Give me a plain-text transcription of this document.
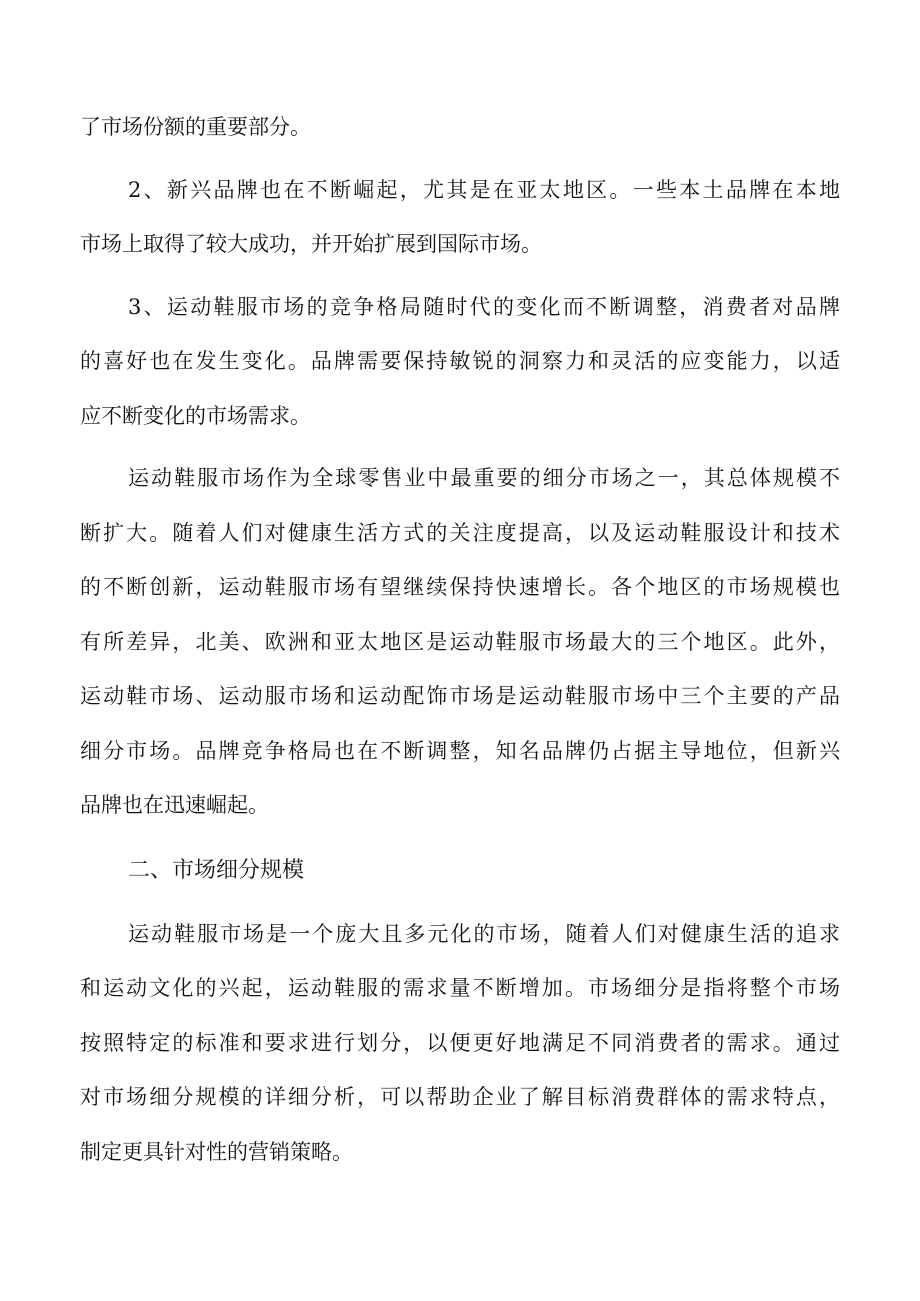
了市场份额的重要部分。
2、新兴品牌也在不断崛起，尤其是在亚太地区。一些本土品牌在本地
市场上取得了较大成功，并开始扩展到国际市场。
3、运动鞋服市场的竞争格局随时代的变化而不断调整，消费者对品牌
的喜好也在发生变化。品牌需要保持敏锐的洞察力和灵活的应变能力，以适
应不断变化的市场需求。
运动鞋服市场作为全球零售业中最重要的细分市场之一，其总体规模不
断扩大。随着人们对健康生活方式的关注度提高，以及运动鞋服设计和技术
的不断创新，运动鞋服市场有望继续保持快速增长。各个地区的市场规模也
有所差异，北美、欧洲和亚太地区是运动鞋服市场最大的三个地区。此外，
运动鞋市场、运动服市场和运动配饰市场是运动鞋服市场中三个主要的产品
细分市场。品牌竞争格局也在不断调整，知名品牌仍占据主导地位，但新兴
品牌也在迅速崛起。
二、市场细分规模
运动鞋服市场是一个庞大且多元化的市场，随着人们对健康生活的追求
和运动文化的兴起，运动鞋服的需求量不断增加。市场细分是指将整个市场
按照特定的标准和要求进行划分，以便更好地满足不同消费者的需求。通过
对市场细分规模的详细分析，可以帮助企业了解目标消费群体的需求特点，
制定更具针对性的营销策略。
